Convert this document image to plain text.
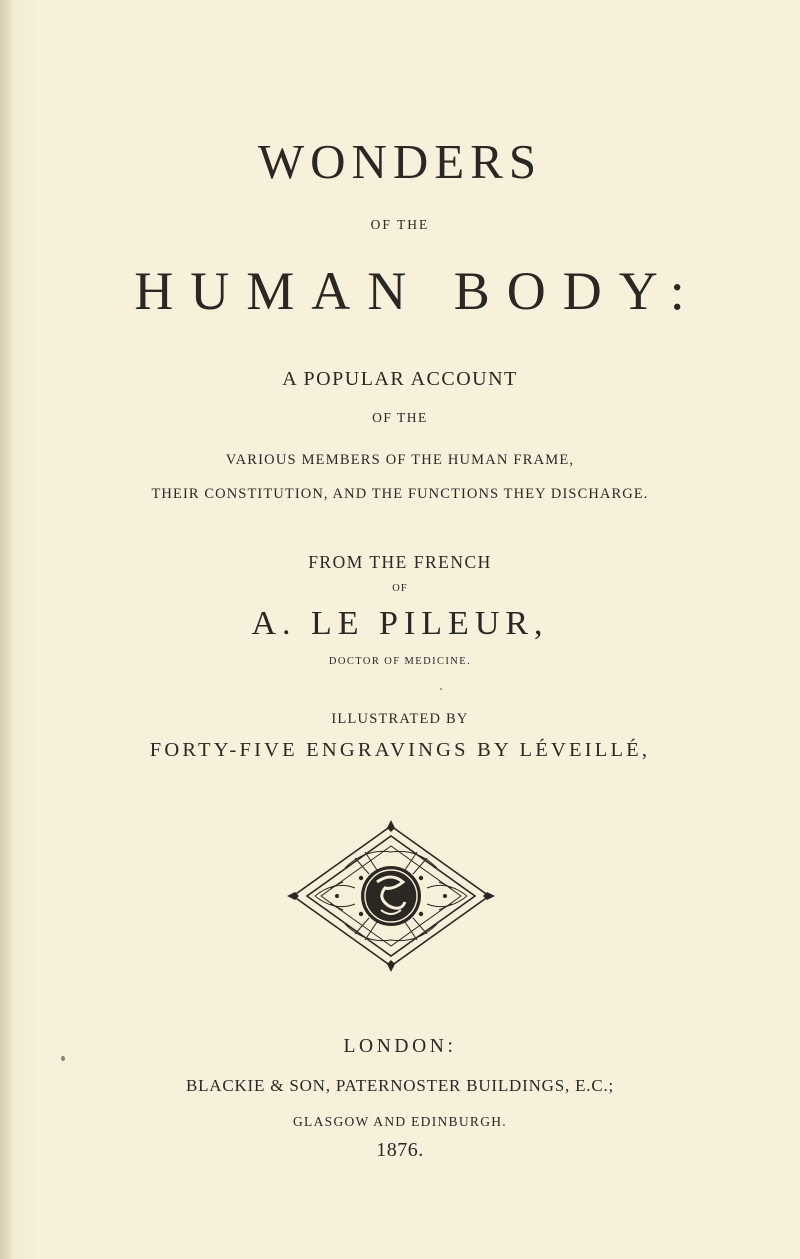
WONDERS
OF THE
HUMAN BODY:
A POPULAR ACCOUNT
OF THE
VARIOUS MEMBERS OF THE HUMAN FRAME,
THEIR CONSTITUTION, AND THE FUNCTIONS THEY DISCHARGE.
FROM THE FRENCH
OF
A. LE PILEUR,
DOCTOR OF MEDICINE.
ILLUSTRATED BY
FORTY-FIVE ENGRAVINGS BY LÉVEILLÉ,
LONDON:
BLACKIE & SON, PATERNOSTER BUILDINGS, E.C.;
GLASGOW AND EDINBURGH.
1876.
